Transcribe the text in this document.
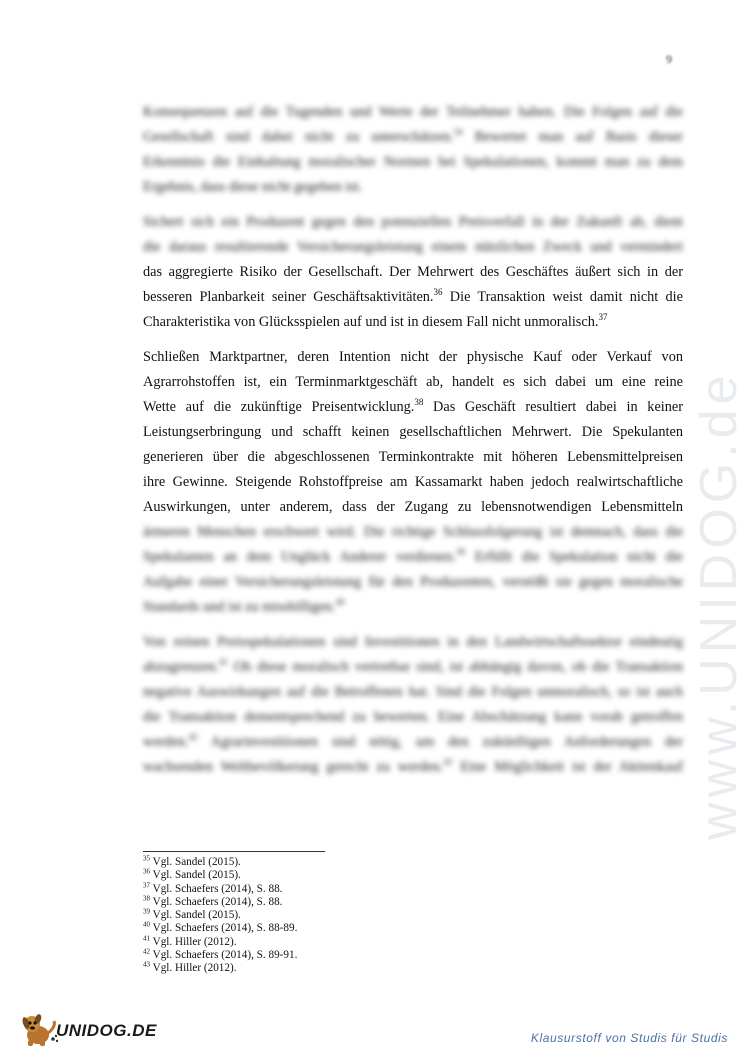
9
www.UNIDOG.de

Konsequenzen auf die Tugenden und Werte der Teilnehmer haben. Die Folgen auf die
Gesellschaft sind dabei nicht zu unterschätzen.$^{34}$ Bewertet man auf Basis dieser
Erkenntnis die Einhaltung moralischer Normen bei Spekulationen, kommt man zu dem
Ergebnis, dass diese nicht gegeben ist.

Sichert sich ein Produzent gegen den potenziellen Preisverfall in der Zukunft ab, dient
die daraus resultierende Versicherungsleistung einem nützlichen Zweck und vermindert
das aggregierte Risiko der Gesellschaft. Der Mehrwert des Geschäftes äußert sich in der
besseren Planbarkeit seiner Geschäftsaktivitäten.$^{36}$ Die Transaktion weist damit nicht die
Charakteristika von Glücksspielen auf und ist in diesem Fall nicht unmoralisch.$^{37}$

Schließen Marktpartner, deren Intention nicht der physische Kauf oder Verkauf von
Agrarrohstoffen ist, ein Terminmarktgeschäft ab, handelt es sich dabei um eine reine
Wette auf die zukünftige Preisentwicklung.$^{38}$ Das Geschäft resultiert dabei in keiner
Leistungserbringung und schafft keinen gesellschaftlichen Mehrwert. Die Spekulanten
generieren über die abgeschlossenen Terminkontrakte mit höheren Lebensmittelpreisen
ihre Gewinne. Steigende Rohstoffpreise am Kassamarkt haben jedoch realwirtschaftliche
Auswirkungen, unter anderem, dass der Zugang zu lebensnotwendigen Lebensmitteln
ärmeren Menschen erschwert wird. Die richtige Schlussfolgerung ist demnach, dass die
Spekulanten an dem Unglück Anderer verdienen.$^{39}$ Erfüllt die Spekulation nicht die
Aufgabe einer Versicherungsleistung für den Produzenten, verstößt sie gegen moralische
Standards und ist zu missbilligen.$^{40}$

Von reinen Preisspekulationen sind Investitionen in den Landwirtschaftssektor eindeutig
abzugrenzen.$^{41}$ Ob diese moralisch vertretbar sind, ist abhängig davon, ob die Transaktion
negative Auswirkungen auf die Betroffenen hat. Sind die Folgen unmoralisch, so ist auch
die Transaktion dementsprechend zu bewerten. Eine Abschätzung kann vorab getroffen
werden.$^{42}$ Agrarinvestitionen sind nötig, um den zukünftigen Anforderungen der
wachsenden Weltbevölkerung gerecht zu werden.$^{43}$ Eine Möglichkeit ist der Aktienkauf

$^{35}$ Vgl. Sandel (2015).
$^{36}$ Vgl. Sandel (2015).
$^{37}$ Vgl. Schaefers (2014), S. 88.
$^{38}$ Vgl. Schaefers (2014), S. 88.
$^{39}$ Vgl. Sandel (2015).
$^{40}$ Vgl. Schaefers (2014), S. 88-89.
$^{41}$ Vgl. Hiller (2012).
$^{42}$ Vgl. Schaefers (2014), S. 89-91.
$^{43}$ Vgl. Hiller (2012).
UNIDOG.DE	Klausurstoff von Studis für Studis
